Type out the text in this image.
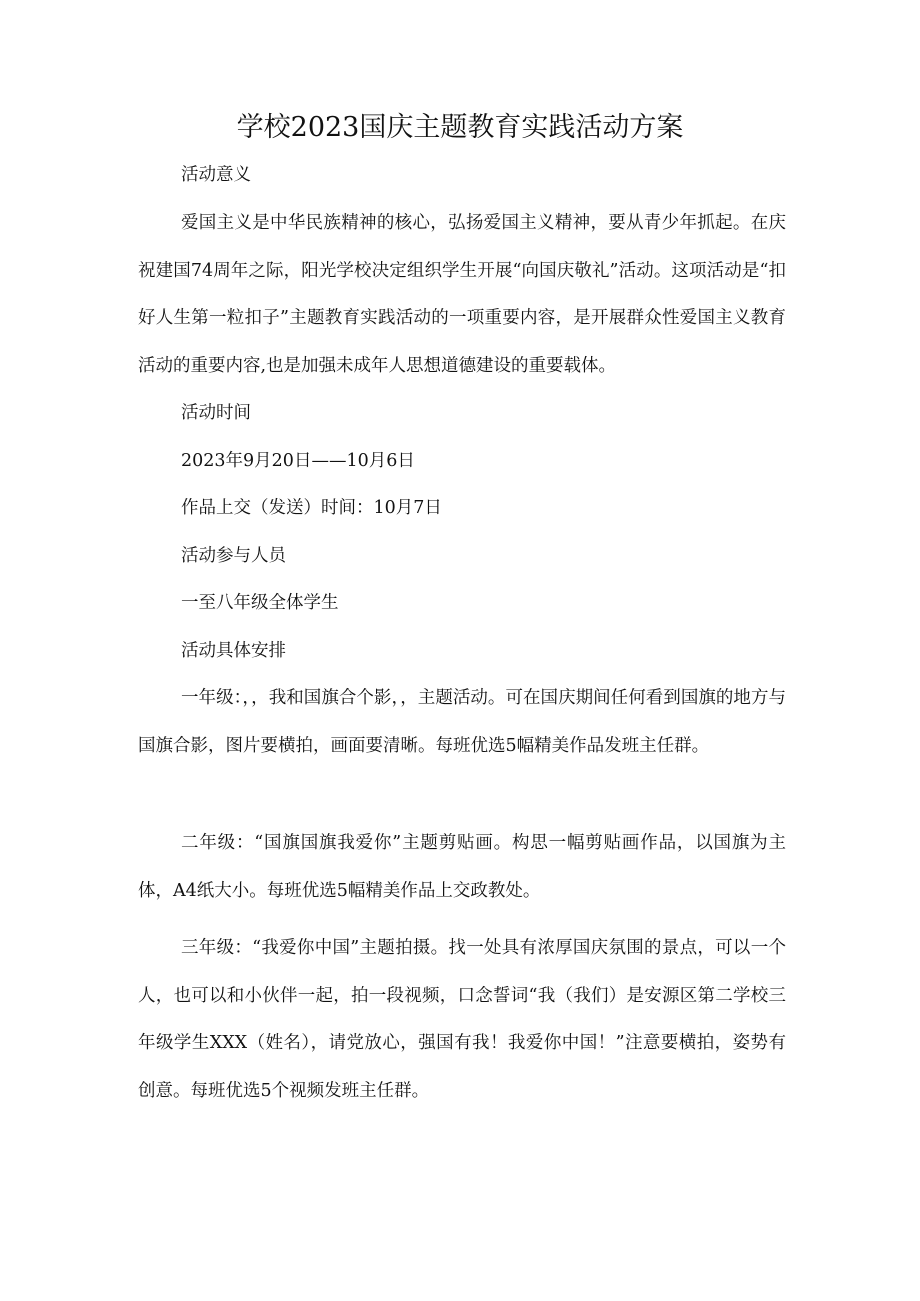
学校2023国庆主题教育实践活动方案

活动意义

爱国主义是中华民族精神的核心，弘扬爱国主义精神，要从青少年抓起。在庆祝建国74周年之际，阳光学校决定组织学生开展“向国庆敬礼”活动。这项活动是“扣好人生第一粒扣子”主题教育实践活动的一项重要内容，是开展群众性爱国主义教育活动的重要内容,也是加强未成年人思想道德建设的重要载体。

活动时间

2023年9月20日——10月6日

作品上交（发送）时间：10月7日

活动参与人员

一至八年级全体学生

活动具体安排

一年级：，，我和国旗合个影，，主题活动。可在国庆期间任何看到国旗的地方与国旗合影，图片要横拍，画面要清晰。每班优选5幅精美作品发班主任群。

二年级：“国旗国旗我爱你”主题剪贴画。构思一幅剪贴画作品，以国旗为主体，A4纸大小。每班优选5幅精美作品上交政教处。

三年级：“我爱你中国”主题拍摄。找一处具有浓厚国庆氛围的景点，可以一个人，也可以和小伙伴一起，拍一段视频，口念誓词“我（我们）是安源区第二学校三年级学生XXX（姓名），请党放心，强国有我！我爱你中国！”注意要横拍，姿势有创意。每班优选5个视频发班主任群。
